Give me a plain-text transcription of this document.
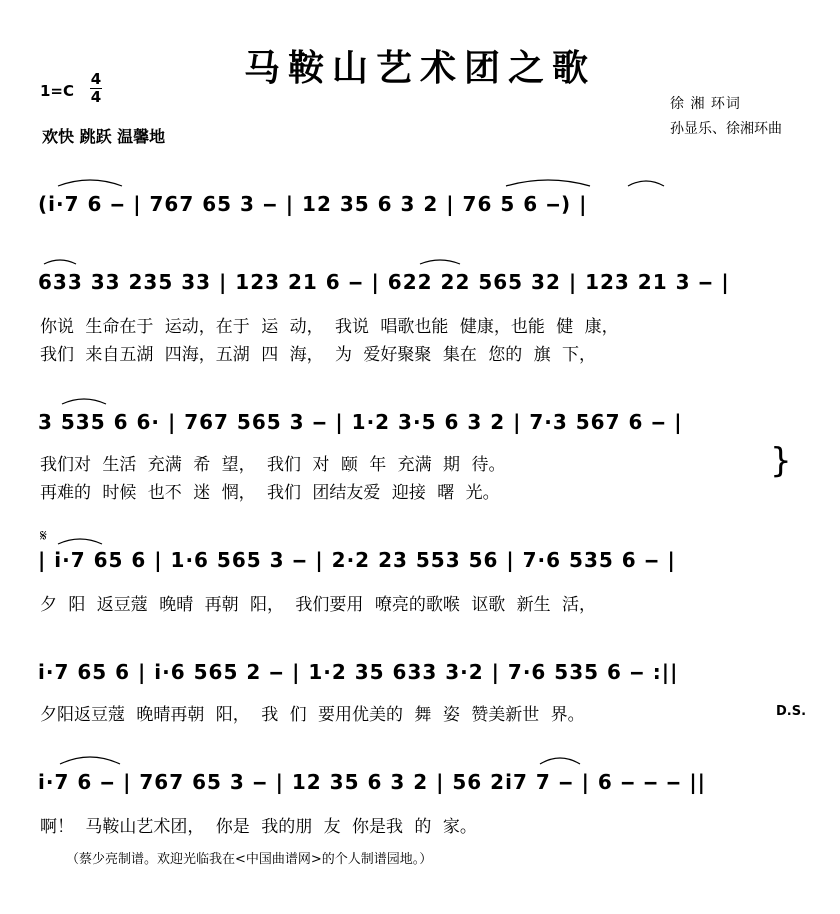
马鞍山艺术团之歌
1=C
4
4
欢快 跳跃 温馨地
徐 湘 环词
孙显乐、徐湘环曲
(i·7 6 ‒ | 767 65 3 ‒ | 12 35 6 3 2 | 76 5 6 ‒) |
633 33 235 33 | 123 21 6 ‒ | 622 22 565 32 | 123 21 3 ‒ |
你说 生命在于 运动，在于 运 动， 我说 唱歌也能 健康，也能 健 康，
我们 来自五湖 四海，五湖 四 海， 为 爱好聚聚 集在 您的 旗 下，
3 535 6 6· | 767 565 3 ‒ | 1·2 3·5 6 3 2 | 7·3 567 6 ‒ |
我们对 生活 充满 希 望， 我们 对 颐 年 充满 期 待。
再难的 时候 也不 迷 惘， 我们 团结友爱 迎接 曙 光。
}
𝄋
| i·7 65 6 | 1·6 565 3 ‒ | 2·2 23 553 56 | 7·6 535 6 ‒ |
夕 阳 返豆蔻 晚晴 再朝 阳， 我们要用 嘹亮的歌喉 讴歌 新生 活，
i·7 65 6 | i·6 565 2 ‒ | 1·2 35 633 3·2 | 7·6 535 6 ‒ :||
夕阳返豆蔻 晚晴再朝 阳， 我 们 要用优美的 舞 姿 赞美新世 界。	D.S.
i·7 6 ‒ | 767 65 3 ‒ | 12 35 6 3 2 | 56 2i7 7 ‒ | 6 ‒ ‒ ‒ ||
啊！ 马鞍山艺术团， 你是 我的朋 友 你是我 的 家。
（蔡少亮制谱。欢迎光临我在<中国曲谱网>的个人制谱园地。）
